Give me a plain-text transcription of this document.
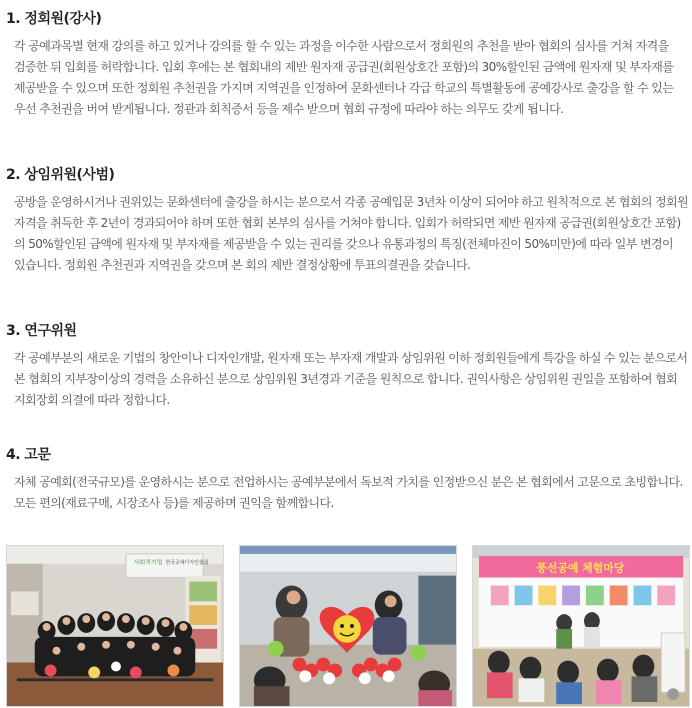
1. 정회원(강사)

각 공예과목별 현재 강의를 하고 있거나 강의를 할 수 있는 과정을 이수한 사람으로서 정회원의 추천을 받아 협회의 심사를 거쳐 자격을 검증한 뒤 입회를 허락합니다. 입회 후에는 본 협회내의 제반 원자재 공급권(회원상호간 포함)의 30%할인된 금액에 원자재 및 부자재를 제공받을 수 있으며 또한 정회원 추천권을 가지며 지역권을 인정하여 문화센터나 각급 학교의 특별활동에 공예강사로 출강을 할 수 있는 우선 추천권을 버여 받게됩니다. 정관과 회칙증서 등을 제수 받으며 협회 규정에 따라야 하는 의무도 갖게 됩니다.

2. 상임위원(사범)

공방을 운영하시거나 권위있는 문화센터에 출강을 하시는 분으로서 각종 공예입문 3년차 이상이 되어야 하고 원칙적으로 본 협회의 정회원 자격을 취득한 후 2년이 경과되어야 하며 또한 협회 본부의 심사를 거쳐야 합니다. 입회가 허락되면 제반 원자재 공급권(회원상호간 포함)의 50%할인된 금액에 원자재 및 부자재를 제공받을 수 있는 권리를 갖으나 유통과정의 특징(전체마진이 50%미만)에 따라 일부 변경이 있습니다. 정회원 추천권과 지역권을 갖으며 본 회의 제반 결정상황에 투표의결권을 갖습니다.

3. 연구위원

각 공예부분의 새로운 기법의 창안이나 디자인개발, 원자재 또는 부자재 개발과 상임위원 이하 정회원들에게 특강을 하실 수 있는 분으로서 본 협회의 지부장이상의 경력을 소유하신 분으로 상임위원 3년경과 기준을 원칙으로 합니다. 권익사항은 상임위원 권일을 포함하여 협회 지회장회 의결에 따라 정합니다.

4. 고문

자체 공예회(전국규모)를 운영하시는 분으로 전업하시는 공예부분에서 독보적 가치를 인정받으신 분은 본 협회에서 고문으로 초빙합니다. 모든 편의(재료구매, 시장조사 등)를 제공하며 권익을 함께합니다.

사회적기업 한국공예디자인협회	풍선공예 체험마당
